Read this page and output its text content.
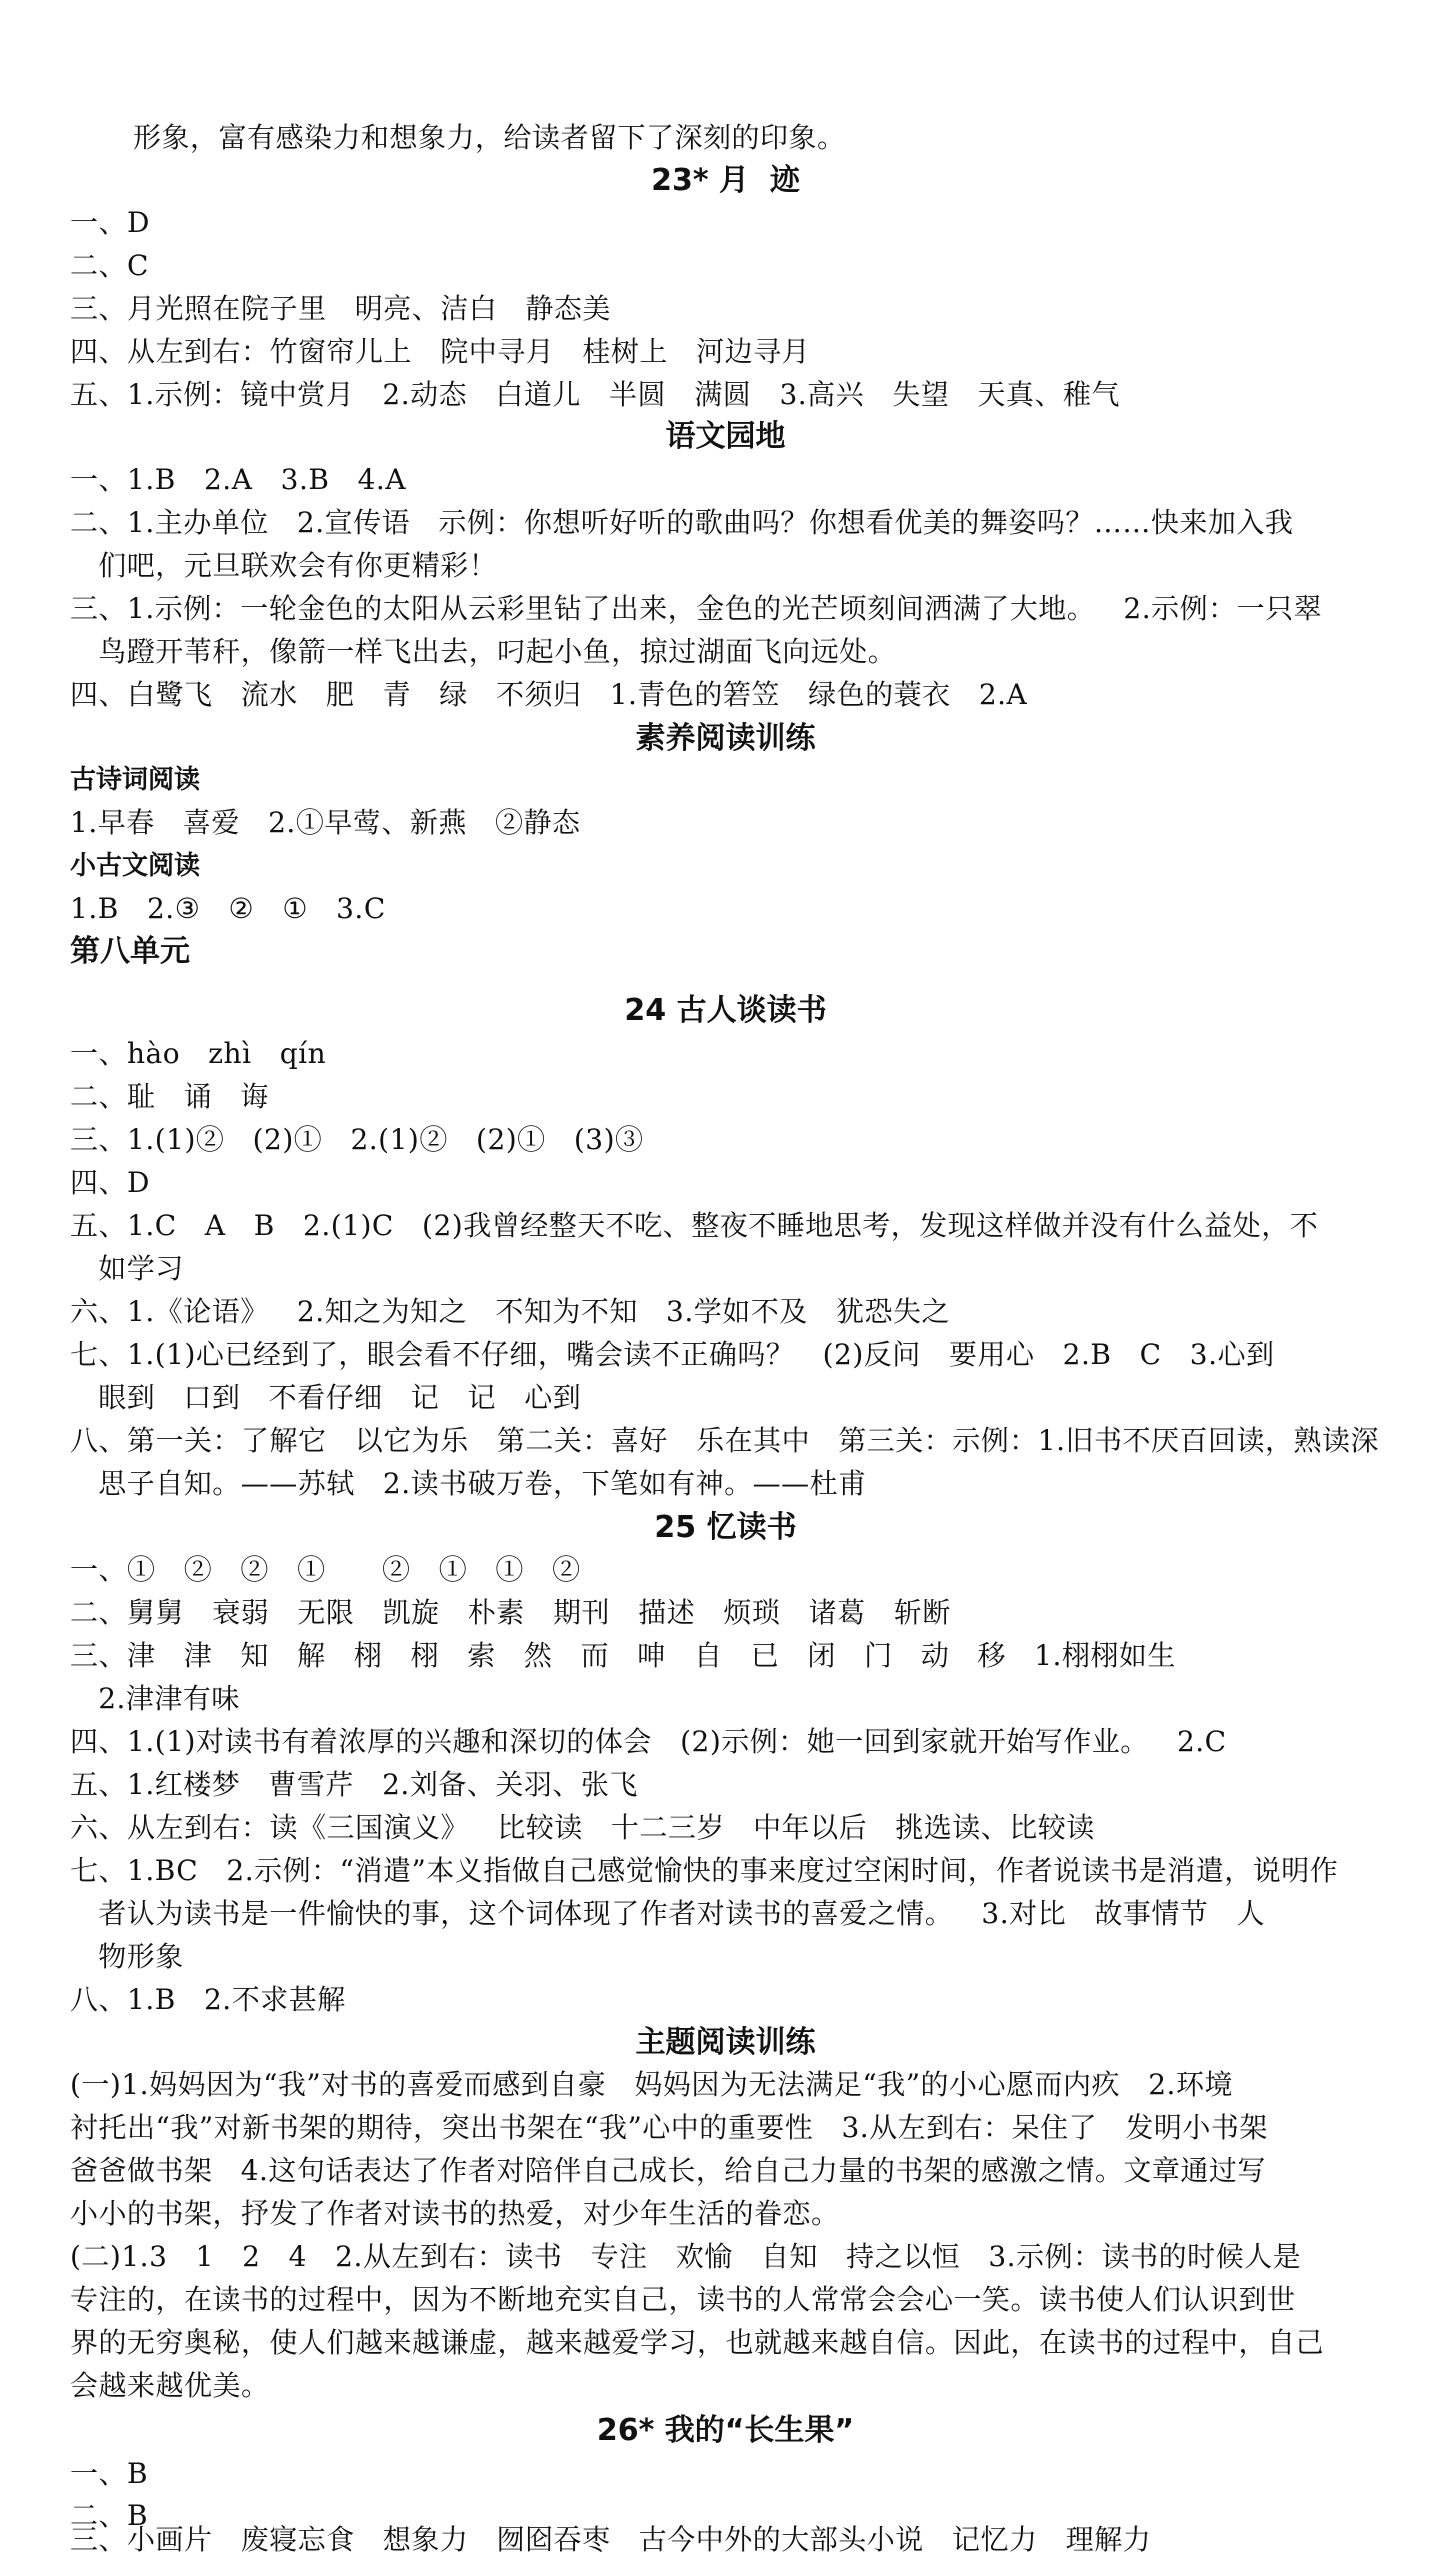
形象，富有感染力和想象力，给读者留下了深刻的印象。
23* 月  迹
一、D
二、C
三、月光照在院子里   明亮、洁白   静态美
四、从左到右：竹窗帘儿上   院中寻月   桂树上   河边寻月
五、1.示例：镜中赏月   2.动态   白道儿   半圆   满圆   3.高兴   失望   天真、稚气
语文园地
一、1.B   2.A   3.B   4.A
二、1.主办单位   2.宣传语   示例：你想听好听的歌曲吗？你想看优美的舞姿吗？……快来加入我
们吧，元旦联欢会有你更精彩！
三、1.示例：一轮金色的太阳从云彩里钻了出来，金色的光芒顷刻间洒满了大地。   2.示例：一只翠
鸟蹬开苇秆，像箭一样飞出去，叼起小鱼，掠过湖面飞向远处。
四、白鹭飞   流水   肥   青   绿   不须归   1.青色的箬笠   绿色的蓑衣   2.A
素养阅读训练
古诗词阅读
1.早春   喜爱   2.①早莺、新燕   ②静态
小古文阅读
1.B   2.③   ②   ①   3.C
第八单元
24 古人谈读书
一、hào   zhì   qín
二、耻   诵   诲
三、1.(1)②   (2)①   2.(1)②   (2)①   (3)③
四、D
五、1.C   A   B   2.(1)C   (2)我曾经整天不吃、整夜不睡地思考，发现这样做并没有什么益处，不
如学习
六、1.《论语》   2.知之为知之   不知为不知   3.学如不及   犹恐失之
七、1.(1)心已经到了，眼会看不仔细，嘴会读不正确吗？   (2)反问   要用心   2.B   C   3.心到
眼到   口到   不看仔细   记   记   心到
八、第一关：了解它   以它为乐   第二关：喜好   乐在其中   第三关：示例：1.旧书不厌百回读，熟读深
思子自知。——苏轼   2.读书破万卷，下笔如有神。——杜甫
25 忆读书
一、①   ②   ②   ①      ②   ①   ①   ②
二、舅舅   衰弱   无限   凯旋   朴素   期刊   描述   烦琐   诸葛   斩断
三、津   津   知   解   栩   栩   索   然   而   呻   自   已   闭   门   动   移   1.栩栩如生
2.津津有味
四、1.(1)对读书有着浓厚的兴趣和深切的体会   (2)示例：她一回到家就开始写作业。   2.C
五、1.红楼梦   曹雪芹   2.刘备、关羽、张飞
六、从左到右：读《三国演义》   比较读   十二三岁   中年以后   挑选读、比较读
七、1.BC   2.示例：“消遣”本义指做自己感觉愉快的事来度过空闲时间，作者说读书是消遣，说明作
者认为读书是一件愉快的事，这个词体现了作者对读书的喜爱之情。   3.对比   故事情节   人
物形象
八、1.B   2.不求甚解
主题阅读训练
(一)1.妈妈因为“我”对书的喜爱而感到自豪   妈妈因为无法满足“我”的小心愿而内疚   2.环境
衬托出“我”对新书架的期待，突出书架在“我”心中的重要性   3.从左到右：呆住了   发明小书架
爸爸做书架   4.这句话表达了作者对陪伴自己成长，给自己力量的书架的感激之情。文章通过写
小小的书架，抒发了作者对读书的热爱，对少年生活的眷恋。
(二)1.3   1   2   4   2.从左到右：读书   专注   欢愉   自知   持之以恒   3.示例：读书的时候人是
专注的，在读书的过程中，因为不断地充实自己，读书的人常常会会心一笑。读书使人们认识到世
界的无穷奥秘，使人们越来越谦虚，越来越爱学习，也就越来越自信。因此，在读书的过程中，自己
会越来越优美。
26* 我的“长生果”
一、B
二、B
三、小画片   废寝忘食   想象力   囫囵吞枣   古今中外的大部头小说   记忆力   理解力
